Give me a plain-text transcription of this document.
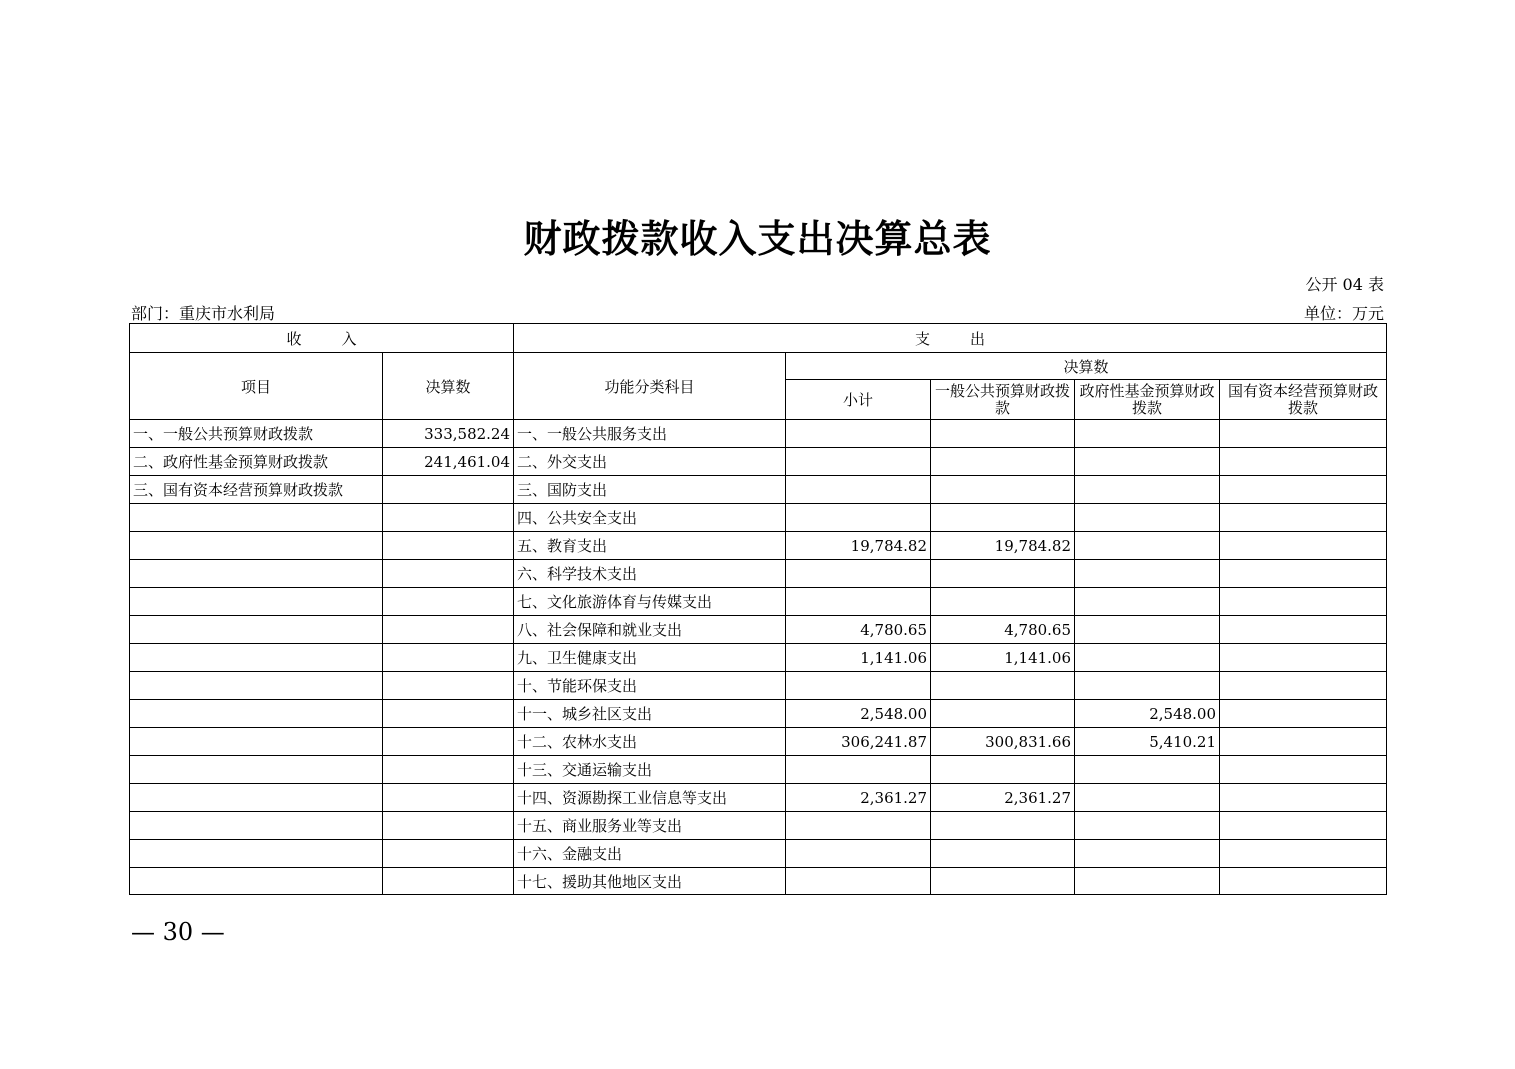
财政拨款收入支出决算总表
公开 04 表
部门：重庆市水利局	单位：万元
收入		支出				
项目	决算数	功能分类科目	决算数			
			小计	一般公共预算财政拨款	政府性基金预算财政拨款	国有资本经营预算财政拨款
一、一般公共预算财政拨款	333,582.24	一、一般公共服务支出				
二、政府性基金预算财政拨款	241,461.04	二、外交支出				
三、国有资本经营预算财政拨款		三、国防支出				
		四、公共安全支出				
		五、教育支出	19,784.82	19,784.82		
		六、科学技术支出				
		七、文化旅游体育与传媒支出				
		八、社会保障和就业支出	4,780.65	4,780.65		
		九、卫生健康支出	1,141.06	1,141.06		
		十、节能环保支出				
		十一、城乡社区支出	2,548.00		2,548.00	
		十二、农林水支出	306,241.87	300,831.66	5,410.21	
		十三、交通运输支出				
		十四、资源勘探工业信息等支出	2,361.27	2,361.27		
		十五、商业服务业等支出				
		十六、金融支出				
		十七、援助其他地区支出				
— 30 —
